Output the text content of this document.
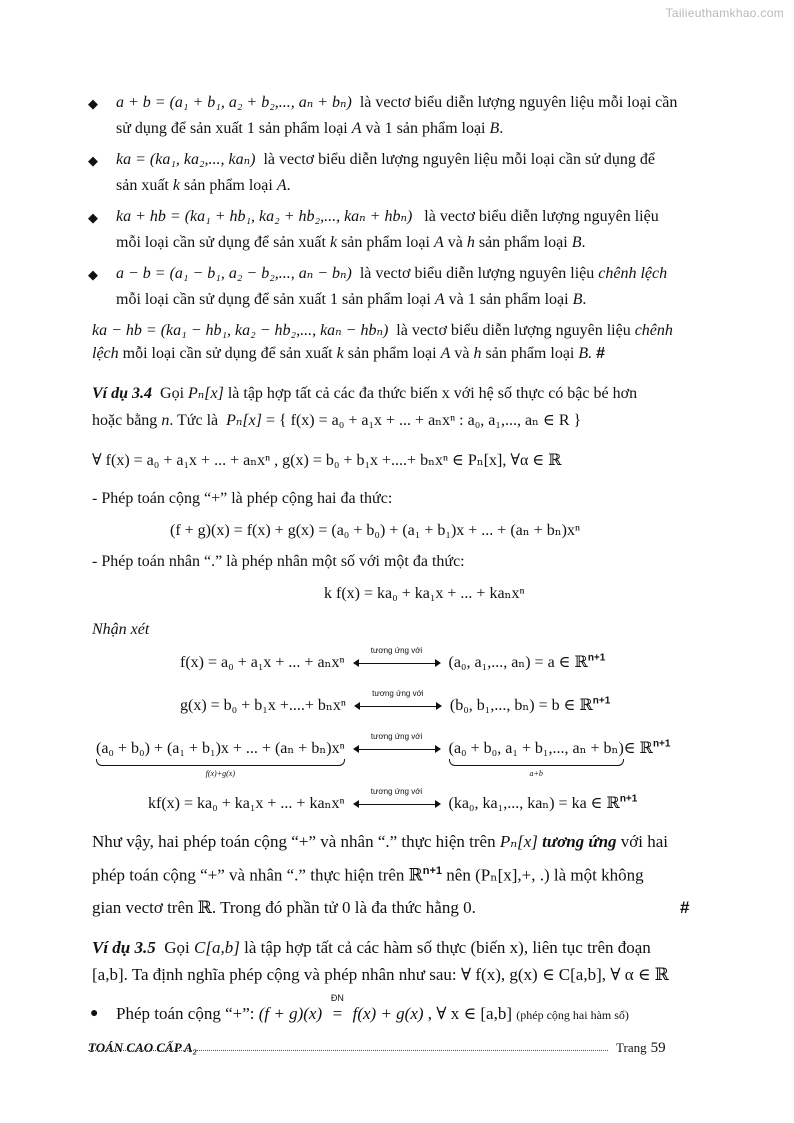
Tailieuthamkhao.com
◆ a + b = (a₁ + b₁, a₂ + b₂,..., aₙ + bₙ) là vectơ biểu diễn lượng nguyên liệu mỗi loại cần
sử dụng để sản xuất 1 sản phẩm loại A và 1 sản phẩm loại B.
◆ ka = (ka₁, ka₂,..., kaₙ) là vectơ biểu diễn lượng nguyên liệu mỗi loại cần sử dụng để
sản xuất k sản phẩm loại A.
◆ ka + hb = (ka₁ + hb₁, ka₂ + hb₂,..., kaₙ + hbₙ) là vectơ biểu diễn lượng nguyên liệu
mỗi loại cần sử dụng để sản xuất k sản phẩm loại A và h sản phẩm loại B.
◆ a − b = (a₁ − b₁, a₂ − b₂,..., aₙ − bₙ) là vectơ biểu diễn lượng nguyên liệu chênh lệch
mỗi loại cần sử dụng để sản xuất 1 sản phẩm loại A và 1 sản phẩm loại B.
ka − hb = (ka₁ − hb₁, ka₂ − hb₂,..., kaₙ − hbₙ) là vectơ biểu diễn lượng nguyên liệu chênh
lệch mỗi loại cần sử dụng để sản xuất k sản phẩm loại A và h sản phẩm loại B. #
Ví dụ 3.4 Gọi Pₙ[x] là tập hợp tất cả các đa thức biến x với hệ số thực có bậc bé hơn
hoặc bằng n. Tức là Pₙ[x] = { f(x) = a₀ + a₁x + ... + aₙxⁿ : a₀, a₁,..., aₙ ∈ R }
∀ f(x) = a₀ + a₁x + ... + aₙxⁿ , g(x) = b₀ + b₁x +....+ bₙxⁿ ∈ Pₙ[x], ∀α ∈ ℝ
- Phép toán cộng “+” là phép cộng hai đa thức:
(f + g)(x) = f(x) + g(x) = (a₀ + b₀) + (a₁ + b₁)x + ... + (aₙ + bₙ)xⁿ
- Phép toán nhân “.” là phép nhân một số với một đa thức:
k f(x) = ka₀ + ka₁x + ... + kaₙxⁿ
Nhận xét
f(x) = a₀ + a₁x + ... + aₙxⁿ
tương ứng với
(a₀, a₁,..., aₙ) = a ∈ ℝ$^{n+1}$
g(x) = b₀ + b₁x +....+ bₙxⁿ
tương ứng với
(b₀, b₁,..., bₙ) = b ∈ ℝ$^{n+1}$
(a₀ + b₀) + (a₁ + b₁)x + ... + (aₙ + bₙ)xⁿ
f(x)+g(x)

tương ứng với
(a₀ + b₀, a₁ + b₁,..., aₙ + bₙ)
a+b
∈ ℝ$^{n+1}$
kf(x) = ka₀ + ka₁x + ... + kaₙxⁿ
tương ứng với
(ka₀, ka₁,..., kaₙ) = ka ∈ ℝ$^{n+1}$
Như vậy, hai phép toán cộng “+” và nhân “.” thực hiện trên Pₙ[x] tương ứng với hai
phép toán cộng “+” và nhân “.” thực hiện trên ℝ$^{n+1}$ nên (Pₙ[x],+, .) là một không
gian vectơ trên ℝ. Trong đó phần tử 0 là đa thức hằng 0.	#
Ví dụ 3.5 Gọi C[a,b] là tập hợp tất cả các hàm số thực (biến x), liên tục trên đoạn
[a,b]. Ta định nghĩa phép cộng và phép nhân như sau: ∀ f(x), g(x) ∈ C[a,b], ∀ α ∈ ℝ
● Phép toán cộng “+”: (f + g)(x)
ĐN
= f(x) + g(x) , ∀ x ∈ [a,b] (phép cộng hai hàm số)
TOÁN CAO CẤP A₂	Trang 59
